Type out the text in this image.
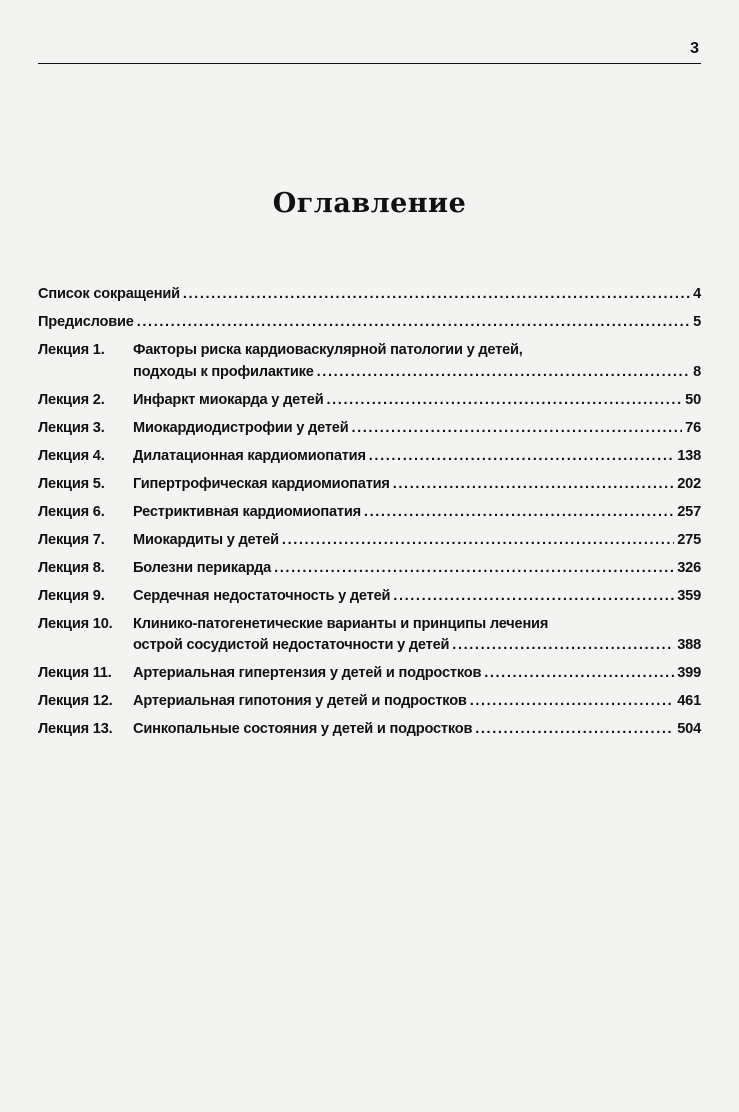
3
Оглавление
Список сокращений .....	4
Предисловие .....	5
Лекция 1.	Факторы риска кардиоваскулярной патологии у детей,
подходы к профилактике .....	8
Лекция 2.	Инфаркт миокарда у детей .....	50
Лекция 3.	Миокардиодистрофии у детей .....	76
Лекция 4.	Дилатационная кардиомиопатия .....	138
Лекция 5.	Гипертрофическая кардиомиопатия .....	202
Лекция 6.	Рестриктивная кардиомиопатия .....	257
Лекция 7.	Миокардиты у детей .....	275
Лекция 8.	Болезни перикарда .....	326
Лекция 9.	Сердечная недостаточность у детей .....	359
Лекция 10.	Клинико-патогенетические варианты и принципы лечения
острой сосудистой недостаточности у детей .....	388
Лекция 11.	Артериальная гипертензия у детей и подростков .....	399
Лекция 12.	Артериальная гипотония у детей и подростков .....	461
Лекция 13.	Синкопальные состояния у детей и подростков .....	504
